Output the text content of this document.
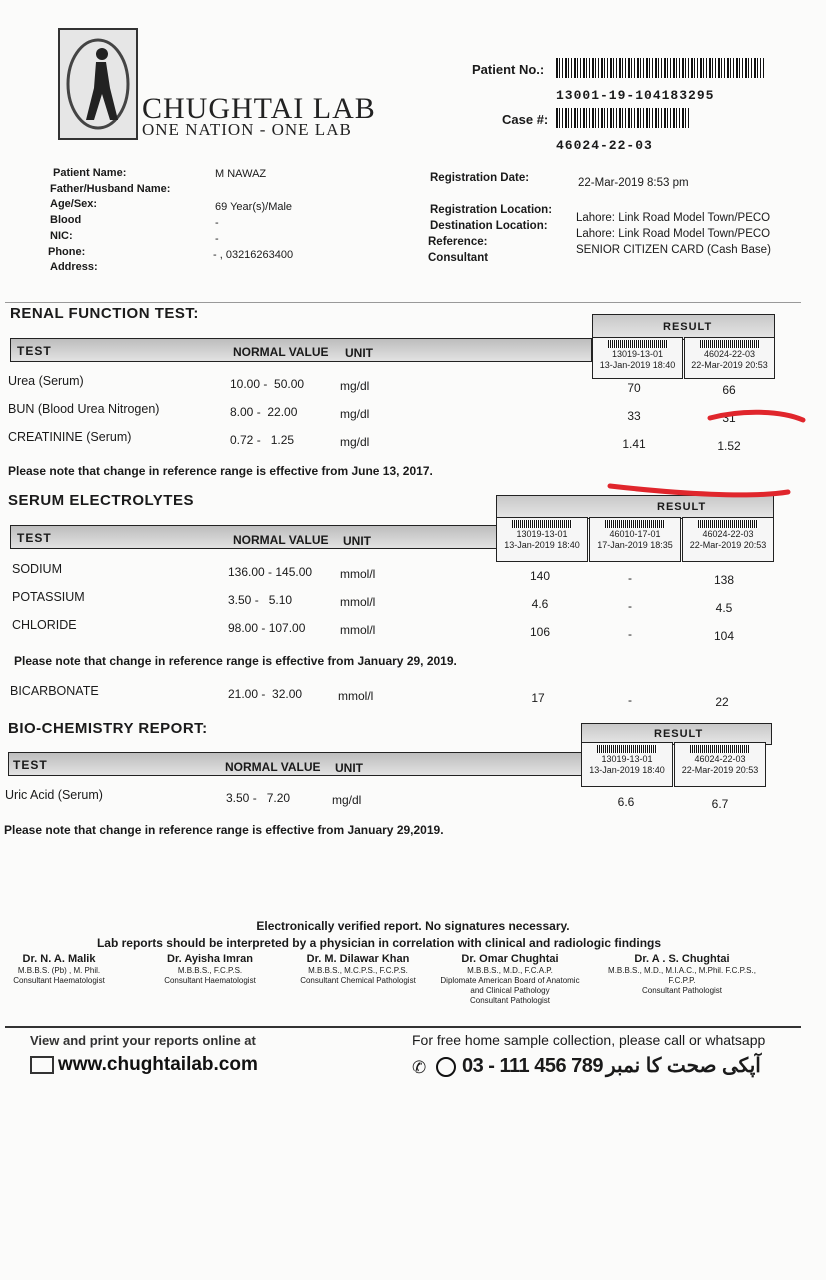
CHUGHTAI LAB
ONE NATION - ONE LAB
Patient No.:
13001-19-104183295
Case #:
46024-22-03
Patient Name:	M NAWAZ
Father/Husband Name:
Age/Sex:	69 Year(s)/Male
Blood	-
NIC:	-
Phone:	- , 03216263400
Address:
Registration Date:	22-Mar-2019 8:53 pm
Registration Location:
Lahore: Link Road Model Town/PECO
Destination Location:
Lahore: Link Road Model Town/PECO
Reference:
SENIOR CITIZEN CARD (Cash Base)
Consultant
RENAL FUNCTION TEST:
RESULT
TEST	NORMAL VALUE UNIT	13019-13-01
13-Jan-2019 18:40
46024-22-03
22-Mar-2019 20:53
Urea (Serum)	10.00 -  50.00	mg/dl	70	66
BUN (Blood Urea Nitrogen)	8.00 -  22.00	mg/dl	33	31
CREATININE (Serum)	0.72 -   1.25	mg/dl	1.41	1.52
Please note that change in reference range is effective from June 13, 2017.
SERUM ELECTROLYTES	RESULT
TEST	NORMAL VALUE UNIT	13019-13-01
13-Jan-2019 18:40
46010-17-01
17-Jan-2019 18:35
46024-22-03
22-Mar-2019 20:53
SODIUM	136.00 - 145.00 mmol/l	140	-	138
POTASSIUM	3.50 -   5.10	mmol/l	4.6	-	4.5
CHLORIDE	98.00 - 107.00	mmol/l	106	-	104
Please note that change in reference range is effective from January 29, 2019.
BICARBONATE	21.00 -  32.00	mmol/l	17	-	22
BIO-CHEMISTRY REPORT:	RESULT
TEST	NORMAL VALUE UNIT
13019-13-01
13-Jan-2019 18:40
46024-22-03
22-Mar-2019 20:53
Uric Acid (Serum)	3.50 -   7.20	mg/dl	6.6	6.7
Please note that change in reference range is effective from January 29,2019.
Electronically verified report. No signatures necessary.
Lab reports should be interpreted by a physician in correlation with clinical and radiologic findings
Dr. N. A. Malik
M.B.B.S. (Pb) , M. Phil.
Consultant Haematologist
Dr. Ayisha Imran
M.B.B.S., F.C.P.S.
Consultant Haematologist
Dr. M. Dilawar Khan
M.B.B.S., M.C.P.S., F.C.P.S.
Consultant Chemical Pathologist
Dr. Omar Chughtai
M.B.B.S., M.D., F.C.A.P.
Diplomate American Board of Anatomic and Clinical Pathology
Consultant Pathologist
Dr. A . S. Chughtai
M.B.B.S., M.D., M.I.A.C., M.Phil. F.C.P.S., F.C.P.P.
Consultant Pathologist
View and print your reports online at
www.chughtailab.com
For free home sample collection, please call or whatsapp
✆ 03 - 111 456 789 آپکی صحت کا نمبر
